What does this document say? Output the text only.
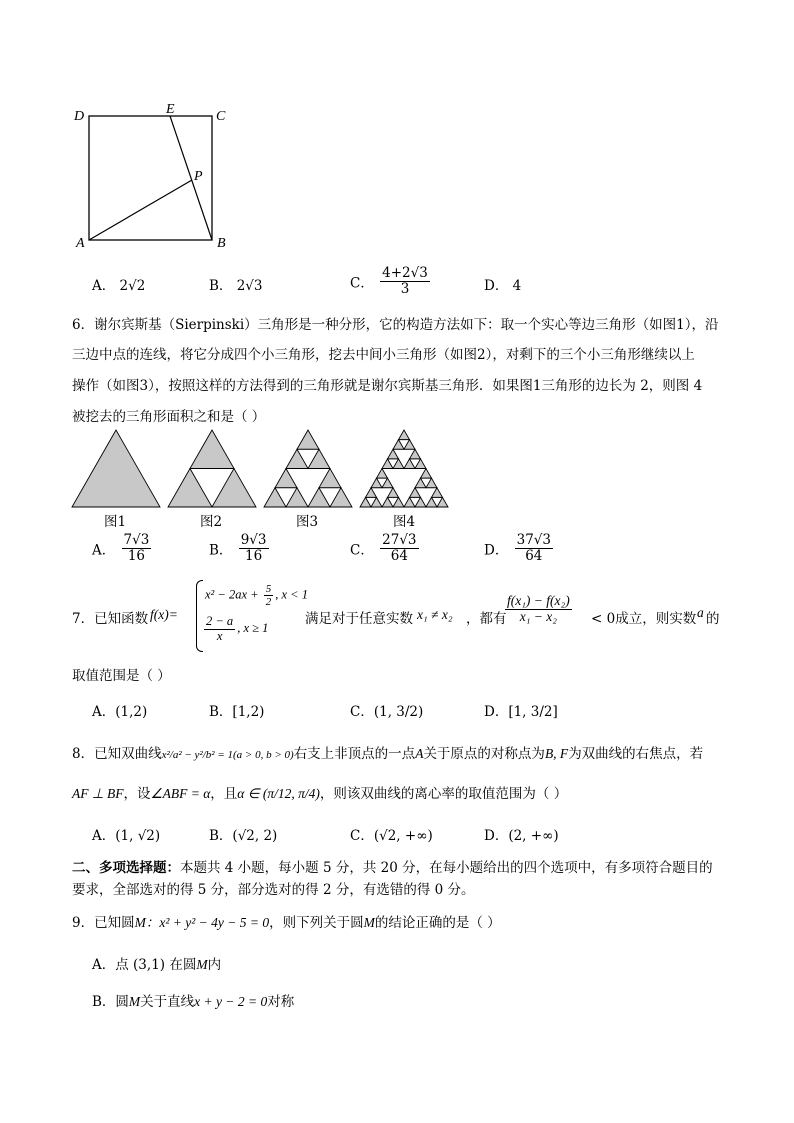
D	E	C
P
A	B
A． 2√2	B． 2√3	C． $\frac{4+2√3}{3}$	D． 4
6．谢尔宾斯基（Sierpinski）三角形是一种分形，它的构造方法如下：取一个实心等边三角形（如图1），沿
三边中点的连线，将它分成四个小三角形，挖去中间小三角形（如图2），对剩下的三个小三角形继续以上
操作（如图3），按照这样的方法得到的三角形就是谢尔宾斯基三角形．如果图1三角形的边长为 2，则图 4
被挖去的三角形面积之和是（ ）
图1	图2	图3	图4
A． $\frac{7√3}{16}$	B． $\frac{9√3}{16}$	C． $\frac{27√3}{64}$	D． $\frac{37√3}{64}$
7．已知函数 f(x)=
$x^2 - 2ax + \frac{5}{2}$ , x < 1
$\frac{2 - a}{x}$ , x ≥ 1
满足对于任意实数 x₁ ≠ x₂ ，都有
$\frac{\text{f(x₁) − f(x₂)}}{\text{x₁ − x₂}} < 0$成立，则实数 a 的
取值范围是（ ）
A．(1,2)	B．[1,2)	C．(1, 3/2)	D．[1, 3/2]
8．已知双曲线x²/a² − y²/b² = 1(a > 0, b > 0)右支上非顶点的一点A关于原点的对称点为B, F为双曲线的右焦点，若
AF ⊥ BF，设∠ABF = α，且α ∈ (π/12, π/4)，则该双曲线的离心率的取值范围为（ ）
A．(1, √2)	B．(√2, 2)	C．(√2, +∞)	D．(2, +∞)
二、多项选择题：本题共 4 小题，每小题 5 分，共 20 分，在每小题给出的四个选项中，有多项符合题目的
要求，全部选对的得 5 分，部分选对的得 2 分，有选错的得 0 分。
9．已知圆M：x² + y² − 4y − 5 = 0，则下列关于圆M的结论正确的是（ ）
A．点 (3,1) 在圆M内
B．圆M关于直线x + y − 2 = 0对称
